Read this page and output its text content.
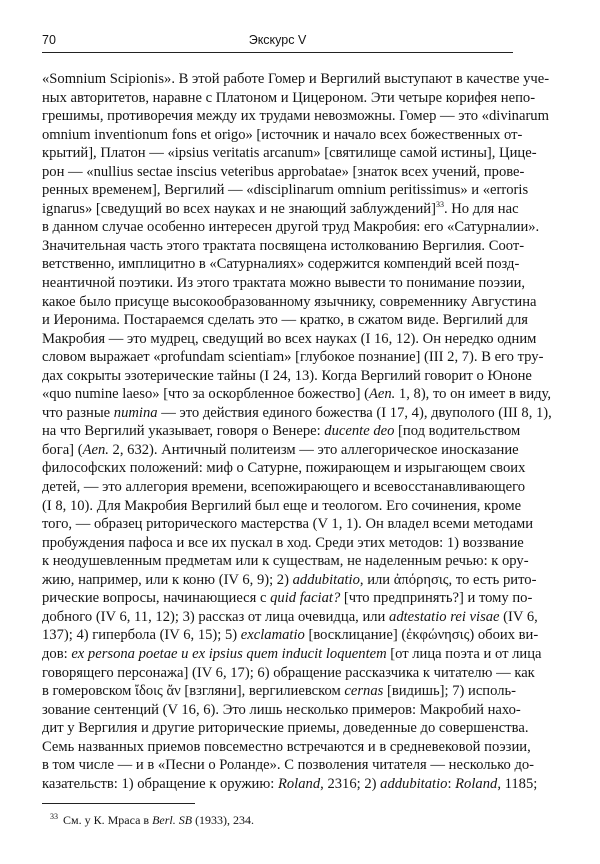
70	Экскурс V
«Somnium Scipionis». В этой работе Гомер и Вергилий выступают в качестве уче-
ных авторитетов, наравне с Платоном и Цицероном. Эти четыре корифея непо-
грешимы, противоречия между их трудами невозможны. Гомер — это «divinarum
omnium inventionum fons et origo» [источник и начало всех божественных от-
крытий], Платон — «ipsius veritatis arcanum» [святилище самой истины], Цице-
рон — «nullius sectae inscius veteribus approbatae» [знаток всех учений, прове-
ренных временем], Вергилий — «disciplinarum omnium peritissimus» и «erroris
ignarus» [сведущий во всех науках и не знающий заблуждений]$^{33}$. Но для нас
в данном случае особенно интересен другой труд Макробия: его «Сатурналии».
Значительная часть этого трактата посвящена истолкованию Вергилия. Соот-
ветственно, имплицитно в «Сатурналиях» содержится компендий всей позд-
неантичной поэтики. Из этого трактата можно вывести то понимание поэзии,
какое было присуще высокообразованному язычнику, современнику Августина
и Иеронима. Постараемся сделать это — кратко, в сжатом виде. Вергилий для
Макробия — это мудрец, сведущий во всех науках (I 16, 12). Он нередко одним
словом выражает «profundam scientiam» [глубокое познание] (III 2, 7). В его тру-
дах сокрыты эзотерические тайны (I 24, 13). Когда Вергилий говорит о Юноне
«quo numine laeso» [что за оскорбленное божество] (Aen. 1, 8), то он имеет в виду,
что разные numina — это действия единого божества (I 17, 4), двуполого (III 8, 1),
на что Вергилий указывает, говоря о Венере: ducente deo [под водительством
бога] (Aen. 2, 632). Античный политеизм — это аллегорическое иносказание
философских положений: миф о Сатурне, пожирающем и изрыгающем своих
детей, — это аллегория времени, всепожирающего и всевосстанавливающего
(I 8, 10). Для Макробия Вергилий был еще и теологом. Его сочинения, кроме
того, — образец риторического мастерства (V 1, 1). Он владел всеми методами
пробуждения пафоса и все их пускал в ход. Среди этих методов: 1) воззвание
к неодушевленным предметам или к существам, не наделенным речью: к ору-
жию, например, или к коню (IV 6, 9); 2) addubitatio, или ἀπόρησις, то есть рито-
рические вопросы, начинающиеся с quid faciat? [что предпринять?] и тому по-
добного (IV 6, 11, 12); 3) рассказ от лица очевидца, или adtestatio rei visae (IV 6,
137); 4) гипербола (IV 6, 15); 5) exclamatio [восклицание] (ἐκφώνησις) обоих ви-
дов: ex persona poetae и ex ipsius quem inducit loquentem [от лица поэта и от лица
говорящего персонажа] (IV 6, 17); 6) обращение рассказчика к читателю — как
в гомеровском ἴδοις ἄν [взгляни], вергилиевском cernas [видишь]; 7) исполь-
зование сентенций (V 16, 6). Это лишь несколько примеров: Макробий нахо-
дит у Вергилия и другие риторические приемы, доведенные до совершенства.
Семь названных приемов повсеместно встречаются и в средневековой поэзии,
в том числе — и в «Песни о Роланде». С позволения читателя — несколько до-
казательств: 1) обращение к оружию: Roland, 2316; 2) addubitatio: Roland, 1185;
$^{33}$ См. у К. Мраса в Berl. SB (1933), 234.
